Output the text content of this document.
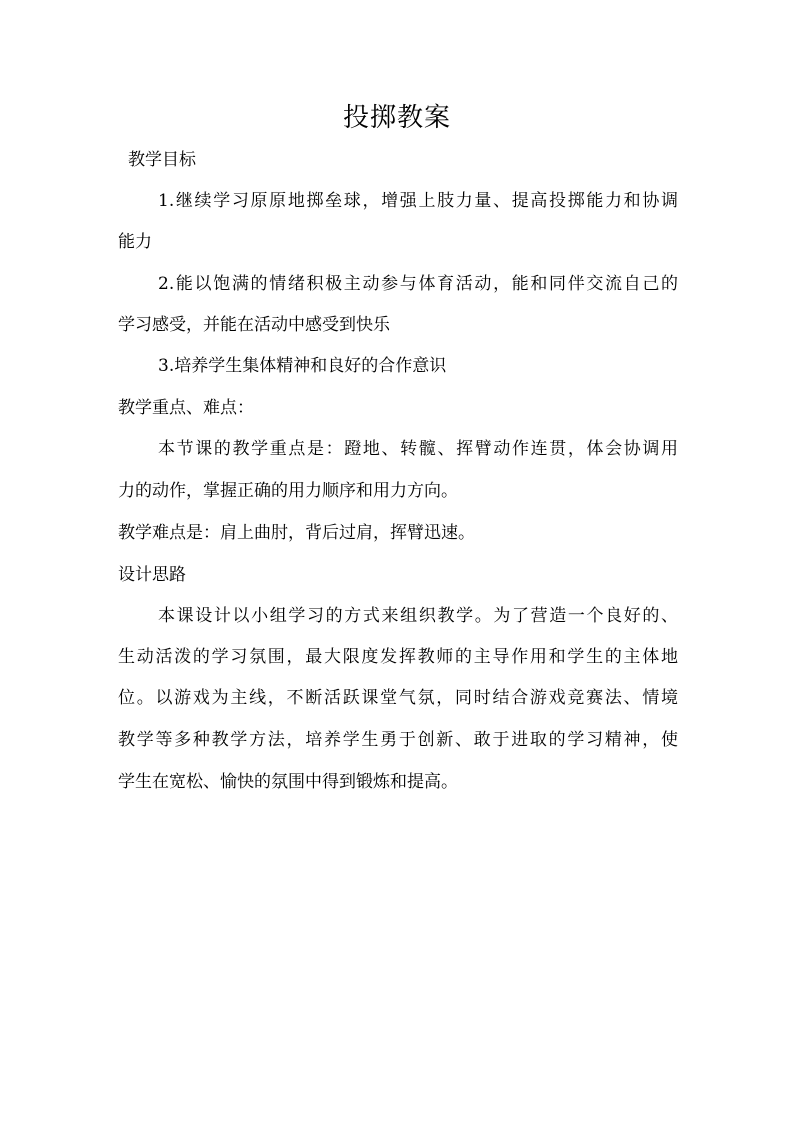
投掷教案
教学目标
1.继续学习原原地掷垒球，增强上肢力量、提高投掷能力和协调
能力
2.能以饱满的情绪积极主动参与体育活动，能和同伴交流自己的
学习感受，并能在活动中感受到快乐
3.培养学生集体精神和良好的合作意识
教学重点、难点：
本节课的教学重点是：蹬地、转髋、挥臂动作连贯，体会协调用
力的动作，掌握正确的用力顺序和用力方向。
教学难点是：肩上曲肘，背后过肩，挥臂迅速。
设计思路
本课设计以小组学习的方式来组织教学。为了营造一个良好的、
生动活泼的学习氛围，最大限度发挥教师的主导作用和学生的主体地
位。以游戏为主线，不断活跃课堂气氛，同时结合游戏竞赛法、情境
教学等多种教学方法，培养学生勇于创新、敢于进取的学习精神，使
学生在宽松、愉快的氛围中得到锻炼和提高。
